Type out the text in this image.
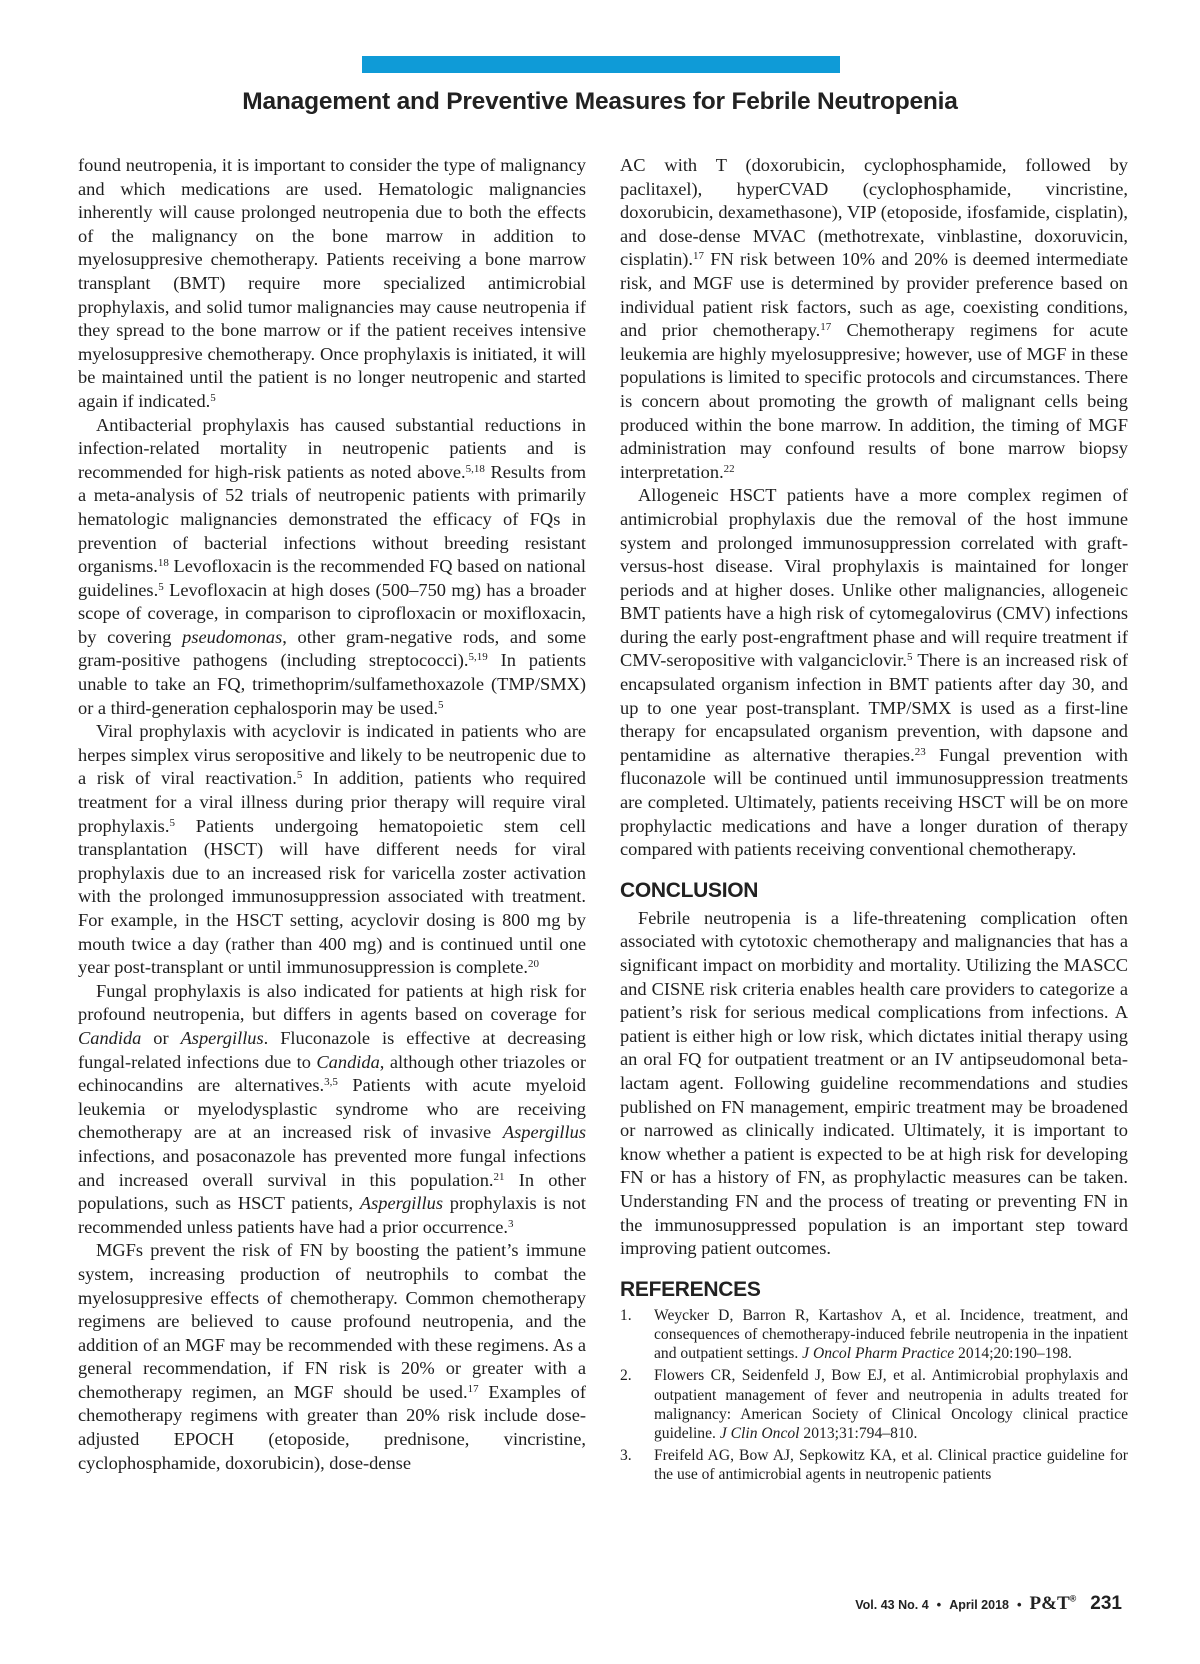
Management and Preventive Measures for Febrile Neutropenia

found neutropenia, it is important to consider the type of malignancy and which medications are used. Hematologic malignancies inherently will cause prolonged neutropenia due to both the effects of the malignancy on the bone marrow in addition to myelosuppresive chemotherapy. Patients receiving a bone marrow transplant (BMT) require more specialized antimicrobial prophylaxis, and solid tumor malignancies may cause neutropenia if they spread to the bone marrow or if the patient receives intensive myelosuppresive chemotherapy. Once prophylaxis is initiated, it will be maintained until the patient is no longer neutropenic and started again if indicated.$^5$

Antibacterial prophylaxis has caused substantial reductions in infection-related mortality in neutropenic patients and is recommended for high-risk patients as noted above.$^{5,18}$ Results from a meta-analysis of 52 trials of neutropenic patients with primarily hematologic malignancies demonstrated the efficacy of FQs in prevention of bacterial infections without breeding resistant organisms.$^{18}$ Levofloxacin is the recommended FQ based on national guidelines.$^5$ Levofloxacin at high doses (500–750 mg) has a broader scope of coverage, in comparison to ciprofloxacin or moxifloxacin, by covering pseudomonas, other gram-negative rods, and some gram-positive pathogens (including streptococci).$^{5,19}$ In patients unable to take an FQ, trimethoprim/sulfamethoxazole (TMP/SMX) or a third-generation cephalosporin may be used.$^5$

Viral prophylaxis with acyclovir is indicated in patients who are herpes simplex virus seropositive and likely to be neutropenic due to a risk of viral reactivation.$^5$ In addition, patients who required treatment for a viral illness during prior therapy will require viral prophylaxis.$^5$ Patients undergoing hematopoietic stem cell transplantation (HSCT) will have different needs for viral prophylaxis due to an increased risk for varicella zoster activation with the prolonged immunosuppression associated with treatment. For example, in the HSCT setting, acyclovir dosing is 800 mg by mouth twice a day (rather than 400 mg) and is continued until one year post-transplant or until immunosuppression is complete.$^{20}$

Fungal prophylaxis is also indicated for patients at high risk for profound neutropenia, but differs in agents based on coverage for Candida or Aspergillus. Fluconazole is effective at decreasing fungal-related infections due to Candida, although other triazoles or echinocandins are alternatives.$^{3,5}$ Patients with acute myeloid leukemia or myelodysplastic syndrome who are receiving chemotherapy are at an increased risk of invasive Aspergillus infections, and posaconazole has prevented more fungal infections and increased overall survival in this population.$^{21}$ In other populations, such as HSCT patients, Aspergillus prophylaxis is not recommended unless patients have had a prior occurrence.$^3$

MGFs prevent the risk of FN by boosting the patient’s immune system, increasing production of neutrophils to combat the myelosuppresive effects of chemotherapy. Common chemotherapy regimens are believed to cause profound neutropenia, and the addition of an MGF may be recommended with these regimens. As a general recommendation, if FN risk is 20% or greater with a chemotherapy regimen, an MGF should be used.$^{17}$ Examples of chemotherapy regimens with greater than 20% risk include dose-adjusted EPOCH (etoposide, prednisone, vincristine, cyclophosphamide, doxorubicin), dose-dense

AC with T (doxorubicin, cyclophosphamide, followed by paclitaxel), hyperCVAD (cyclophosphamide, vincristine, doxorubicin, dexamethasone), VIP (etoposide, ifosfamide, cisplatin), and dose-dense MVAC (methotrexate, vinblastine, doxoruvicin, cisplatin).$^{17}$ FN risk between 10% and 20% is deemed intermediate risk, and MGF use is determined by provider preference based on individual patient risk factors, such as age, coexisting conditions, and prior chemotherapy.$^{17}$ Chemotherapy regimens for acute leukemia are highly myelosuppresive; however, use of MGF in these populations is limited to specific protocols and circumstances. There is concern about promoting the growth of malignant cells being produced within the bone marrow. In addition, the timing of MGF administration may confound results of bone marrow biopsy interpretation.$^{22}$

Allogeneic HSCT patients have a more complex regimen of antimicrobial prophylaxis due the removal of the host immune system and prolonged immunosuppression correlated with graft-versus-host disease. Viral prophylaxis is maintained for longer periods and at higher doses. Unlike other malignancies, allogeneic BMT patients have a high risk of cytomegalovirus (CMV) infections during the early post-engraftment phase and will require treatment if CMV-seropositive with valganciclovir.$^5$ There is an increased risk of encapsulated organism infection in BMT patients after day 30, and up to one year post-transplant. TMP/SMX is used as a first-line therapy for encapsulated organism prevention, with dapsone and pentamidine as alternative therapies.$^{23}$ Fungal prevention with fluconazole will be continued until immunosuppression treatments are completed. Ultimately, patients receiving HSCT will be on more prophylactic medications and have a longer duration of therapy compared with patients receiving conventional chemotherapy.

CONCLUSION

Febrile neutropenia is a life-threatening complication often associated with cytotoxic chemotherapy and malignancies that has a significant impact on morbidity and mortality. Utilizing the MASCC and CISNE risk criteria enables health care providers to categorize a patient’s risk for serious medical complications from infections. A patient is either high or low risk, which dictates initial therapy using an oral FQ for outpatient treatment or an IV antipseudomonal beta-lactam agent. Following guideline recommendations and studies published on FN management, empiric treatment may be broadened or narrowed as clinically indicated. Ultimately, it is important to know whether a patient is expected to be at high risk for developing FN or has a history of FN, as prophylactic measures can be taken. Understanding FN and the process of treating or preventing FN in the immunosuppressed population is an important step toward improving patient outcomes.

REFERENCES
1.	Weycker D, Barron R, Kartashov A, et al. Incidence, treatment, and consequences of chemotherapy-induced febrile neutropenia in the inpatient and outpatient settings. J Oncol Pharm Practice 2014;20:190–198.
2.	Flowers CR, Seidenfeld J, Bow EJ, et al. Antimicrobial prophylaxis and outpatient management of fever and neutropenia in adults treated for malignancy: American Society of Clinical Oncology clinical practice guideline. J Clin Oncol 2013;31:794–810.
3.	Freifeld AG, Bow AJ, Sepkowitz KA, et al. Clinical practice guideline for the use of antimicrobial agents in neutropenic patients
Vol. 43 No. 4 • April 2018 • P&T® 231
